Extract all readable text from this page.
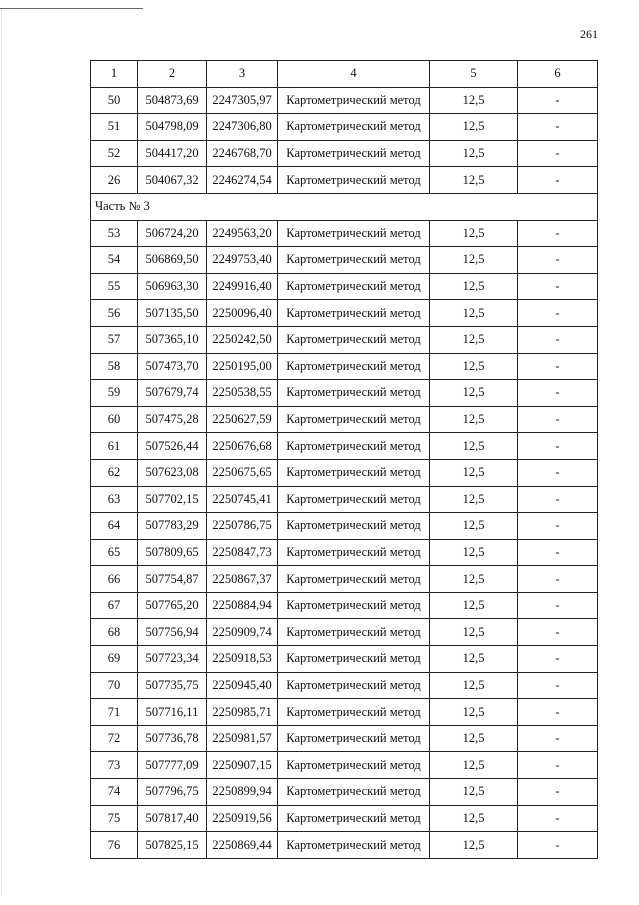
261
1	2	3	4	5	6
50	504873,69	2247305,97	Картометрический метод	12,5	-
51	504798,09	2247306,80	Картометрический метод	12,5	-
52	504417,20	2246768,70	Картометрический метод	12,5	-
26	504067,32	2246274,54	Картометрический метод	12,5	-
Часть № 3					
53	506724,20	2249563,20	Картометрический метод	12,5	-
54	506869,50	2249753,40	Картометрический метод	12,5	-
55	506963,30	2249916,40	Картометрический метод	12,5	-
56	507135,50	2250096,40	Картометрический метод	12,5	-
57	507365,10	2250242,50	Картометрический метод	12,5	-
58	507473,70	2250195,00	Картометрический метод	12,5	-
59	507679,74	2250538,55	Картометрический метод	12,5	-
60	507475,28	2250627,59	Картометрический метод	12,5	-
61	507526,44	2250676,68	Картометрический метод	12,5	-
62	507623,08	2250675,65	Картометрический метод	12,5	-
63	507702,15	2250745,41	Картометрический метод	12,5	-
64	507783,29	2250786,75	Картометрический метод	12,5	-
65	507809,65	2250847,73	Картометрический метод	12,5	-
66	507754,87	2250867,37	Картометрический метод	12,5	-
67	507765,20	2250884,94	Картометрический метод	12,5	-
68	507756,94	2250909,74	Картометрический метод	12,5	-
69	507723,34	2250918,53	Картометрический метод	12,5	-
70	507735,75	2250945,40	Картометрический метод	12,5	-
71	507716,11	2250985,71	Картометрический метод	12,5	-
72	507736,78	2250981,57	Картометрический метод	12,5	-
73	507777,09	2250907,15	Картометрический метод	12,5	-
74	507796,75	2250899,94	Картометрический метод	12,5	-
75	507817,40	2250919,56	Картометрический метод	12,5	-
76	507825,15	2250869,44	Картометрический метод	12,5	-
